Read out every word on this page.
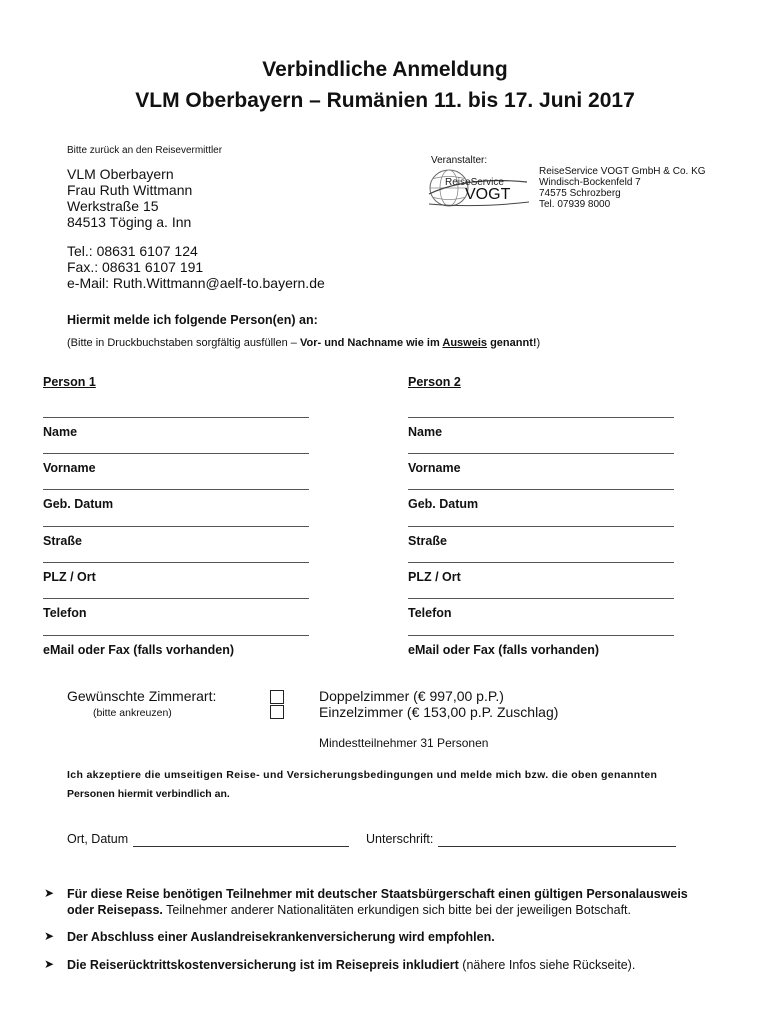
Verbindliche Anmeldung
VLM Oberbayern – Rumänien 11. bis 17. Juni 2017
Bitte zurück an den Reisevermittler
VLM Oberbayern
Frau Ruth Wittmann
Werkstraße 15
84513 Töging a. Inn
Tel.: 08631 6107 124
Fax.: 08631 6107 191
e-Mail: Ruth.Wittmann@aelf-to.bayern.de
Veranstalter:
ReiseService
VOGT
ReiseService VOGT GmbH & Co. KG
Windisch-Bockenfeld 7
74575 Schrozberg
Tel. 07939 8000
Hiermit melde ich folgende Person(en) an:
(Bitte in Druckbuchstaben sorgfältig ausfüllen – Vor- und Nachname wie im Ausweis genannt!)
Person 1
Name
Vorname
Geb. Datum
Straße
PLZ / Ort
Telefon
eMail oder Fax (falls vorhanden)
Person 2
Name
Vorname
Geb. Datum
Straße
PLZ / Ort
Telefon
eMail oder Fax (falls vorhanden)
Gewünschte Zimmerart:
(bitte ankreuzen)
Doppelzimmer (€ 997,00 p.P.)
Einzelzimmer (€ 153,00 p.P. Zuschlag)
Mindestteilnehmer 31 Personen
Ich akzeptiere die umseitigen Reise- und Versicherungsbedingungen und melde mich bzw. die oben genannten
Personen hiermit verbindlich an.
Ort, Datum	Unterschrift:
➤ Für diese Reise benötigen Teilnehmer mit deutscher Staatsbürgerschaft einen gültigen Personalausweis
oder Reisepass. Teilnehmer anderer Nationalitäten erkundigen sich bitte bei der jeweiligen Botschaft.
➤ Der Abschluss einer Auslandreisekrankenversicherung wird empfohlen.
➤ Die Reiserücktrittskostenversicherung ist im Reisepreis inkludiert (nähere Infos siehe Rückseite).
